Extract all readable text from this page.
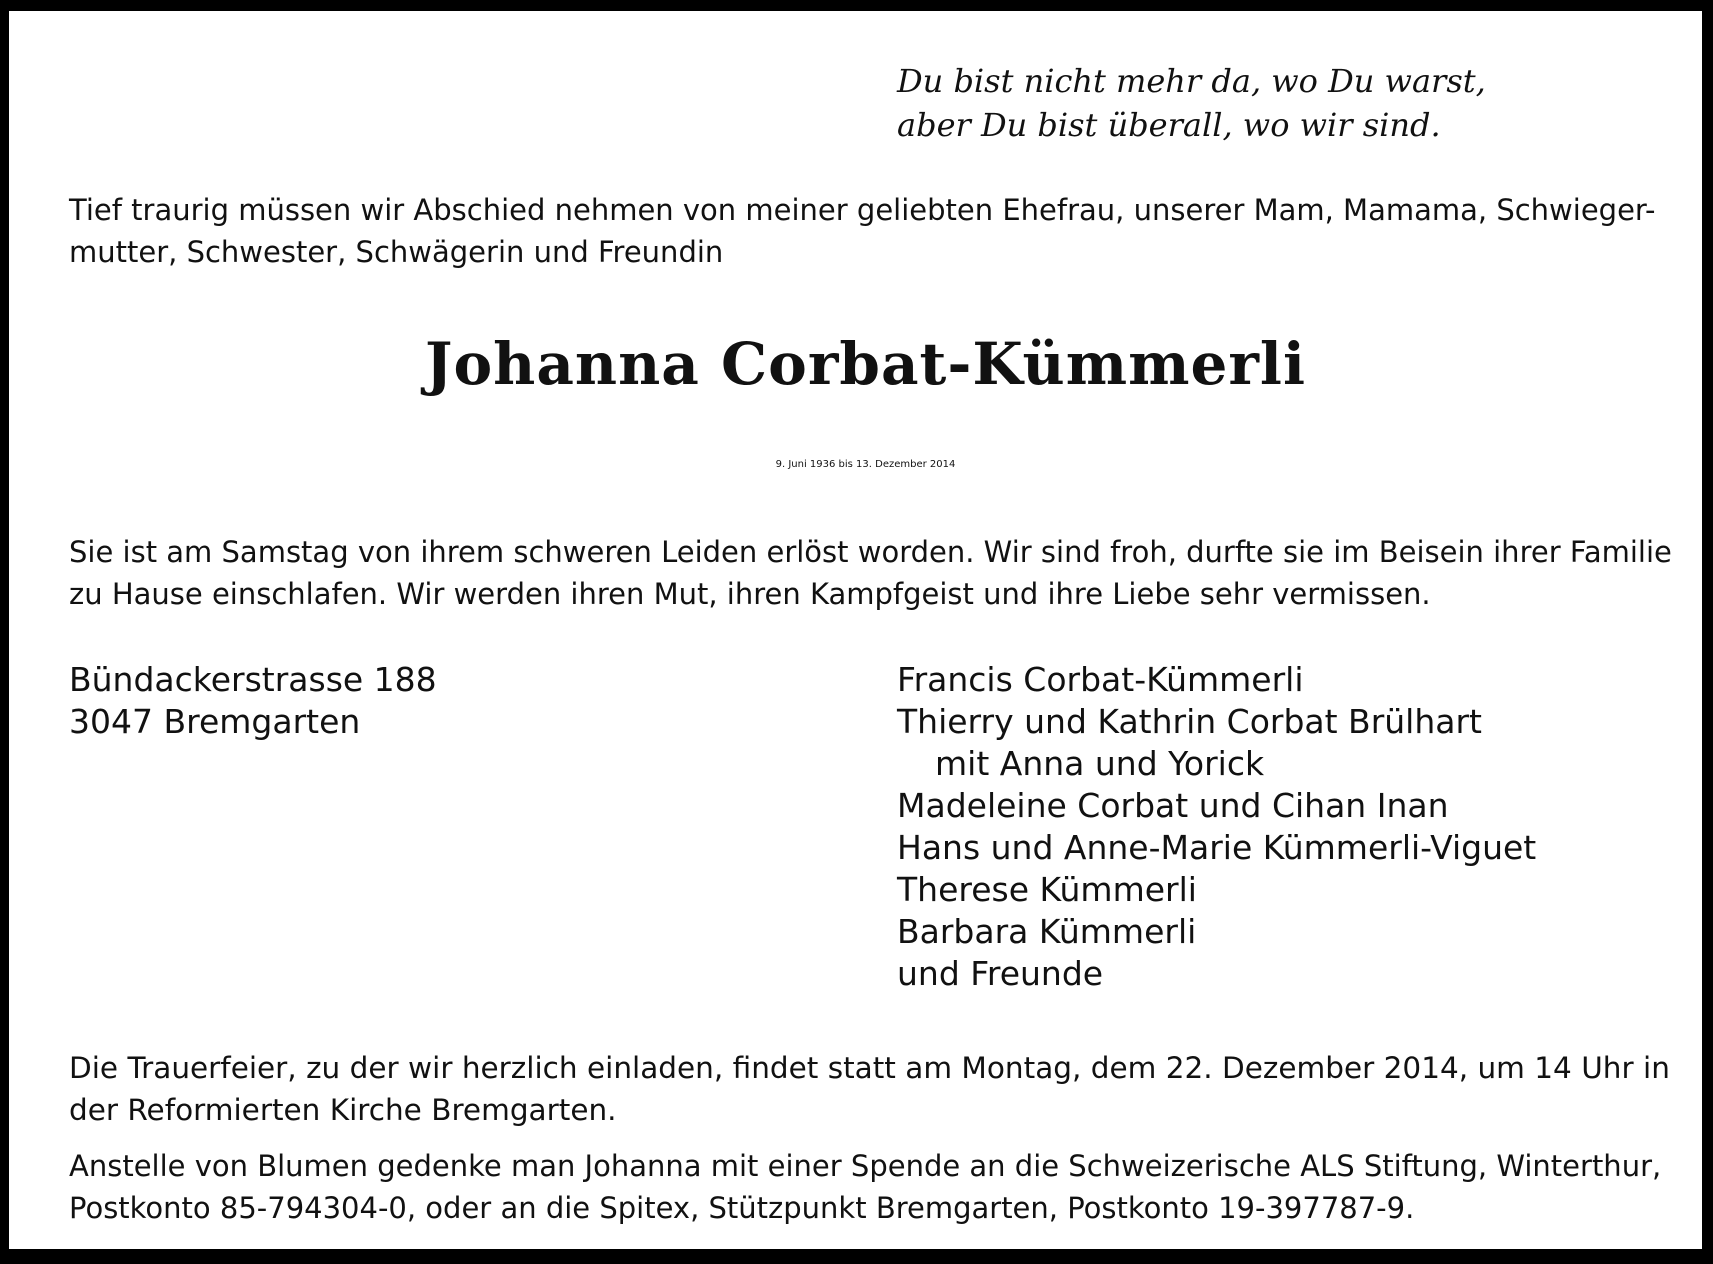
Du bist nicht mehr da, wo Du warst,
aber Du bist überall, wo wir sind.

Tief traurig müssen wir Abschied nehmen von meiner geliebten Ehefrau, unserer Mam, Mamama, Schwieger-
mutter, Schwester, Schwägerin und Freundin

Johanna Corbat-Kümmerli

9. Juni 1936 bis 13. Dezember 2014

Sie ist am Samstag von ihrem schweren Leiden erlöst worden. Wir sind froh, durfte sie im Beisein ihrer Familie
zu Hause einschlafen. Wir werden ihren Mut, ihren Kampfgeist und ihre Liebe sehr vermissen.

Bündackerstrasse 188
3047 Bremgarten

Francis Corbat-Kümmerli
Thierry und Kathrin Corbat Brülhart
mit Anna und Yorick
Madeleine Corbat und Cihan Inan
Hans und Anne-Marie Kümmerli-Viguet
Therese Kümmerli
Barbara Kümmerli
und Freunde

Die Trauerfeier, zu der wir herzlich einladen, findet statt am Montag, dem 22. Dezember 2014, um 14 Uhr in
der Reformierten Kirche Bremgarten.

Anstelle von Blumen gedenke man Johanna mit einer Spende an die Schweizerische ALS Stiftung, Winterthur,
Postkonto 85-794304-0, oder an die Spitex, Stützpunkt Bremgarten, Postkonto 19-397787-9.
